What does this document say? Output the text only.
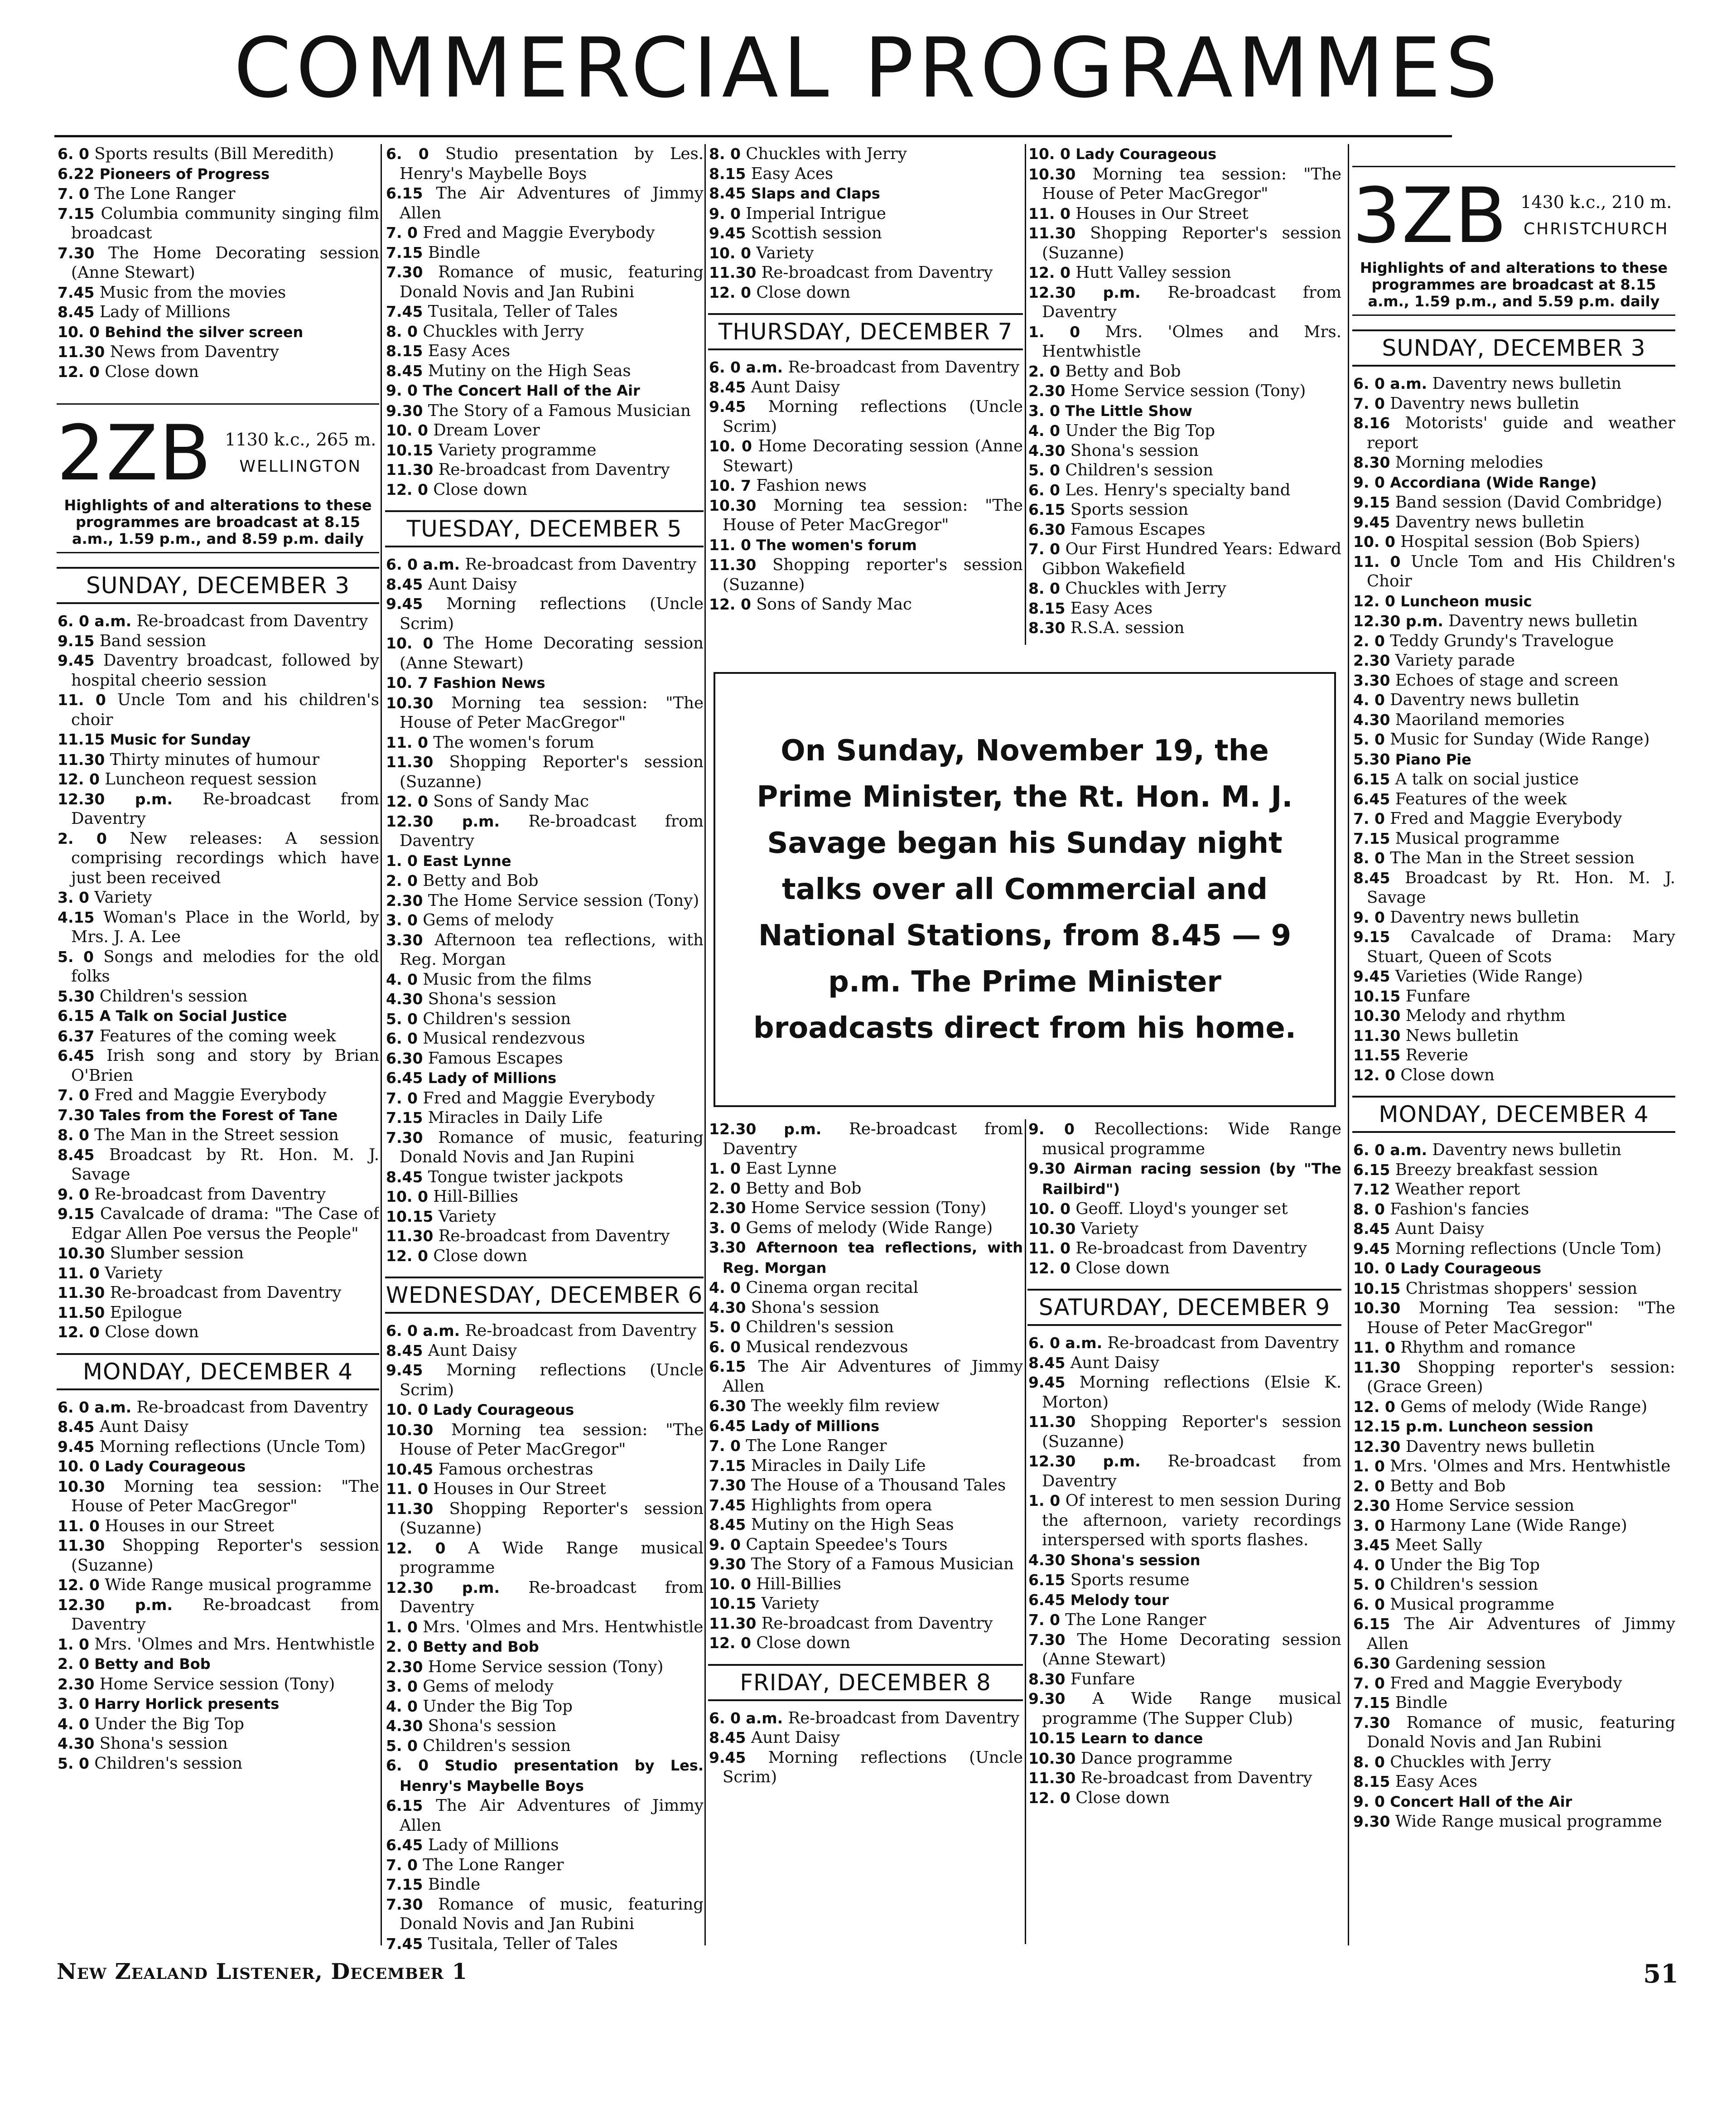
COMMERCIAL PROGRAMMES

6. 0 Sports results (Bill Meredith)

6.22 Pioneers of Progress

7. 0 The Lone Ranger

7.15 Columbia community singing film broadcast

7.30 The Home Decorating session (Anne Stewart)

7.45 Music from the movies

8.45 Lady of Millions

10. 0 Behind the silver screen

11.30 News from Daventry

12. 0 Close down

2ZB 1130 k.c., 265 m.
WELLINGTON
Highlights of and alterations to these programmes are broadcast at 8.15 a.m., 1.59 p.m., and 8.59 p.m. daily
SUNDAY, DECEMBER 3

6. 0 a.m. Re-broadcast from Daventry

9.15 Band session

9.45 Daventry broadcast, followed by hospital cheerio session

11. 0 Uncle Tom and his children's choir

11.15 Music for Sunday

11.30 Thirty minutes of humour

12. 0 Luncheon request session

12.30 p.m. Re-broadcast from Daventry

2. 0 New releases: A session comprising recordings which have just been received

3. 0 Variety

4.15 Woman's Place in the World, by Mrs. J. A. Lee

5. 0 Songs and melodies for the old folks

5.30 Children's session

6.15 A Talk on Social Justice

6.37 Features of the coming week

6.45 Irish song and story by Brian O'Brien

7. 0 Fred and Maggie Everybody

7.30 Tales from the Forest of Tane

8. 0 The Man in the Street session

8.45 Broadcast by Rt. Hon. M. J. Savage

9. 0 Re-broadcast from Daventry

9.15 Cavalcade of drama: "The Case of Edgar Allen Poe versus the People"

10.30 Slumber session

11. 0 Variety

11.30 Re-broadcast from Daventry

11.50 Epilogue

12. 0 Close down

MONDAY, DECEMBER 4

6. 0 a.m. Re-broadcast from Daventry

8.45 Aunt Daisy

9.45 Morning reflections (Uncle Tom)

10. 0 Lady Courageous

10.30 Morning tea session: "The House of Peter MacGregor"

11. 0 Houses in our Street

11.30 Shopping Reporter's session (Suzanne)

12. 0 Wide Range musical programme

12.30 p.m. Re-broadcast from Daventry

1. 0 Mrs. 'Olmes and Mrs. Hentwhistle

2. 0 Betty and Bob

2.30 Home Service session (Tony)

3. 0 Harry Horlick presents

4. 0 Under the Big Top

4.30 Shona's session

5. 0 Children's session

6. 0 Studio presentation by Les. Henry's Maybelle Boys

6.15 The Air Adventures of Jimmy Allen

7. 0 Fred and Maggie Everybody

7.15 Bindle

7.30 Romance of music, featuring Donald Novis and Jan Rubini

7.45 Tusitala, Teller of Tales

8. 0 Chuckles with Jerry

8.15 Easy Aces

8.45 Mutiny on the High Seas

9. 0 The Concert Hall of the Air

9.30 The Story of a Famous Musician

10. 0 Dream Lover

10.15 Variety programme

11.30 Re-broadcast from Daventry

12. 0 Close down

TUESDAY, DECEMBER 5

6. 0 a.m. Re-broadcast from Daventry

8.45 Aunt Daisy

9.45 Morning reflections (Uncle Scrim)

10. 0 The Home Decorating session (Anne Stewart)

10. 7 Fashion News

10.30 Morning tea session: "The House of Peter MacGregor"

11. 0 The women's forum

11.30 Shopping Reporter's session (Suzanne)

12. 0 Sons of Sandy Mac

12.30 p.m. Re-broadcast from Daventry

1. 0 East Lynne

2. 0 Betty and Bob

2.30 The Home Service session (Tony)

3. 0 Gems of melody

3.30 Afternoon tea reflections, with Reg. Morgan

4. 0 Music from the films

4.30 Shona's session

5. 0 Children's session

6. 0 Musical rendezvous

6.30 Famous Escapes

6.45 Lady of Millions

7. 0 Fred and Maggie Everybody

7.15 Miracles in Daily Life

7.30 Romance of music, featuring Donald Novis and Jan Rupini

8.45 Tongue twister jackpots

10. 0 Hill-Billies

10.15 Variety

11.30 Re-broadcast from Daventry

12. 0 Close down

WEDNESDAY, DECEMBER 6

6. 0 a.m. Re-broadcast from Daventry

8.45 Aunt Daisy

9.45 Morning reflections (Uncle Scrim)

10. 0 Lady Courageous

10.30 Morning tea session: "The House of Peter MacGregor"

10.45 Famous orchestras

11. 0 Houses in Our Street

11.30 Shopping Reporter's session (Suzanne)

12. 0 A Wide Range musical programme

12.30 p.m. Re-broadcast from Daventry

1. 0 Mrs. 'Olmes and Mrs. Hentwhistle

2. 0 Betty and Bob

2.30 Home Service session (Tony)

3. 0 Gems of melody

4. 0 Under the Big Top

4.30 Shona's session

5. 0 Children's session

6. 0 Studio presentation by Les. Henry's Maybelle Boys

6.15 The Air Adventures of Jimmy Allen

6.45 Lady of Millions

7. 0 The Lone Ranger

7.15 Bindle

7.30 Romance of music, featuring Donald Novis and Jan Rubini

7.45 Tusitala, Teller of Tales

8. 0 Chuckles with Jerry

8.15 Easy Aces

8.45 Slaps and Claps

9. 0 Imperial Intrigue

9.45 Scottish session

10. 0 Variety

11.30 Re-broadcast from Daventry

12. 0 Close down

THURSDAY, DECEMBER 7

6. 0 a.m. Re-broadcast from Daventry

8.45 Aunt Daisy

9.45 Morning reflections (Uncle Scrim)

10. 0 Home Decorating session (Anne Stewart)

10. 7 Fashion news

10.30 Morning tea session: "The House of Peter MacGregor"

11. 0 The women's forum

11.30 Shopping reporter's session (Suzanne)

12. 0 Sons of Sandy Mac

10. 0 Lady Courageous

10.30 Morning tea session: "The House of Peter MacGregor"

11. 0 Houses in Our Street

11.30 Shopping Reporter's session (Suzanne)

12. 0 Hutt Valley session

12.30 p.m. Re-broadcast from Daventry

1. 0 Mrs. 'Olmes and Mrs. Hentwhistle

2. 0 Betty and Bob

2.30 Home Service session (Tony)

3. 0 The Little Show

4. 0 Under the Big Top

4.30 Shona's session

5. 0 Children's session

6. 0 Les. Henry's specialty band

6.15 Sports session

6.30 Famous Escapes

7. 0 Our First Hundred Years: Edward Gibbon Wakefield

8. 0 Chuckles with Jerry

8.15 Easy Aces

8.30 R.S.A. session

3ZB 1430 k.c., 210 m.
CHRISTCHURCH
Highlights of and alterations to these programmes are broadcast at 8.15 a.m., 1.59 p.m., and 5.59 p.m. daily
SUNDAY, DECEMBER 3

6. 0 a.m. Daventry news bulletin

7. 0 Daventry news bulletin

8.16 Motorists' guide and weather report

8.30 Morning melodies

9. 0 Accordiana (Wide Range)

9.15 Band session (David Combridge)

9.45 Daventry news bulletin

10. 0 Hospital session (Bob Spiers)

11. 0 Uncle Tom and His Children's Choir

12. 0 Luncheon music

12.30 p.m. Daventry news bulletin

2. 0 Teddy Grundy's Travelogue

2.30 Variety parade

3.30 Echoes of stage and screen

4. 0 Daventry news bulletin

4.30 Maoriland memories

5. 0 Music for Sunday (Wide Range)

5.30 Piano Pie

6.15 A talk on social justice

6.45 Features of the week

7. 0 Fred and Maggie Everybody

7.15 Musical programme

8. 0 The Man in the Street session

8.45 Broadcast by Rt. Hon. M. J. Savage

9. 0 Daventry news bulletin

9.15 Cavalcade of Drama: Mary Stuart, Queen of Scots

9.45 Varieties (Wide Range)

10.15 Funfare

10.30 Melody and rhythm

11.30 News bulletin

11.55 Reverie

12. 0 Close down

MONDAY, DECEMBER 4

6. 0 a.m. Daventry news bulletin

6.15 Breezy breakfast session

7.12 Weather report

8. 0 Fashion's fancies

8.45 Aunt Daisy

9.45 Morning reflections (Uncle Tom)

10. 0 Lady Courageous

10.15 Christmas shoppers' session

10.30 Morning Tea session: "The House of Peter MacGregor"

11. 0 Rhythm and romance

11.30 Shopping reporter's session: (Grace Green)

12. 0 Gems of melody (Wide Range)

12.15 p.m. Luncheon session

12.30 Daventry news bulletin

1. 0 Mrs. 'Olmes and Mrs. Hentwhistle

2. 0 Betty and Bob

2.30 Home Service session

3. 0 Harmony Lane (Wide Range)

3.45 Meet Sally

4. 0 Under the Big Top

5. 0 Children's session

6. 0 Musical programme

6.15 The Air Adventures of Jimmy Allen

6.30 Gardening session

7. 0 Fred and Maggie Everybody

7.15 Bindle

7.30 Romance of music, featuring Donald Novis and Jan Rubini

8. 0 Chuckles with Jerry

8.15 Easy Aces

9. 0 Concert Hall of the Air

9.30 Wide Range musical programme

On Sunday, November 19, the Prime Minister, the Rt. Hon. M. J. Savage began his Sunday night talks over all Commercial and National Stations, from 8.45 — 9 p.m. The Prime Minister broadcasts direct from his home.

12.30 p.m. Re-broadcast from Daventry

1. 0 East Lynne

2. 0 Betty and Bob

2.30 Home Service session (Tony)

3. 0 Gems of melody (Wide Range)

3.30 Afternoon tea reflections, with Reg. Morgan

4. 0 Cinema organ recital

4.30 Shona's session

5. 0 Children's session

6. 0 Musical rendezvous

6.15 The Air Adventures of Jimmy Allen

6.30 The weekly film review

6.45 Lady of Millions

7. 0 The Lone Ranger

7.15 Miracles in Daily Life

7.30 The House of a Thousand Tales

7.45 Highlights from opera

8.45 Mutiny on the High Seas

9. 0 Captain Speedee's Tours

9.30 The Story of a Famous Musician

10. 0 Hill-Billies

10.15 Variety

11.30 Re-broadcast from Daventry

12. 0 Close down

FRIDAY, DECEMBER 8

6. 0 a.m. Re-broadcast from Daventry

8.45 Aunt Daisy

9.45 Morning reflections (Uncle Scrim)

9. 0 Recollections: Wide Range musical programme

9.30 Airman racing session (by "The Railbird")

10. 0 Geoff. Lloyd's younger set

10.30 Variety

11. 0 Re-broadcast from Daventry

12. 0 Close down

SATURDAY, DECEMBER 9

6. 0 a.m. Re-broadcast from Daventry

8.45 Aunt Daisy

9.45 Morning reflections (Elsie K. Morton)

11.30 Shopping Reporter's session (Suzanne)

12.30 p.m. Re-broadcast from Daventry

1. 0 Of interest to men session During the afternoon, variety recordings interspersed with sports flashes.

4.30 Shona's session

6.15 Sports resume

6.45 Melody tour

7. 0 The Lone Ranger

7.30 The Home Decorating session (Anne Stewart)

8.30 Funfare

9.30 A Wide Range musical programme (The Supper Club)

10.15 Learn to dance

10.30 Dance programme

11.30 Re-broadcast from Daventry

12. 0 Close down

New Zealand Listener, December 1	51
